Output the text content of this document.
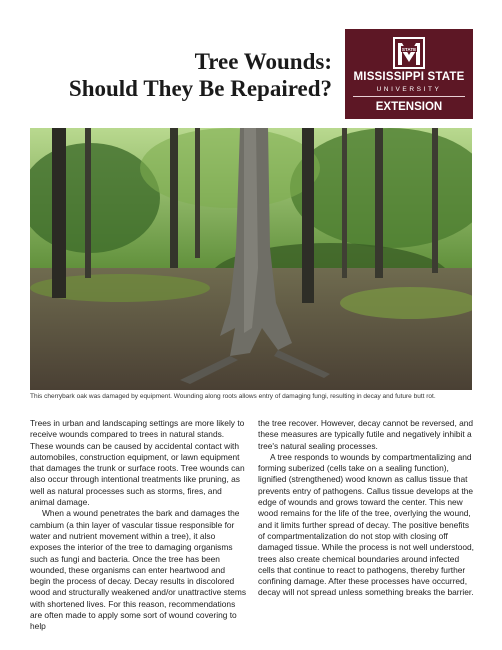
Tree Wounds:
Should They Be Repaired?
STATE
MISSISSIPPI STATE
UNIVERSITY
EXTENSION
This cherrybark oak was damaged by equipment. Wounding along roots allows entry of damaging fungi, resulting in decay and future butt rot.

Trees in urban and landscaping settings are more likely to receive wounds compared to trees in natural stands. These wounds can be caused by accidental contact with automobiles, construction equipment, or lawn equipment that damages the trunk or surface roots. Tree wounds can also occur through intentional treatments like pruning, as well as natural processes such as storms, fires, and animal damage.

When a wound penetrates the bark and damages the cambium (a thin layer of vascular tissue responsible for water and nutrient movement within a tree), it also exposes the interior of the tree to damaging organisms such as fungi and bacteria. Once the tree has been wounded, these organisms can enter heartwood and begin the process of decay. Decay results in discolored wood and structurally weakened and/or unattractive stems with shortened lives. For this reason, recommendations are often made to apply some sort of wound covering to help

the tree recover. However, decay cannot be reversed, and these measures are typically futile and negatively inhibit a tree's natural sealing processes.

A tree responds to wounds by compartmentalizing and forming suberized (cells take on a sealing function), lignified (strengthened) wood known as callus tissue that prevents entry of pathogens. Callus tissue develops at the edge of wounds and grows toward the center. This new wood remains for the life of the tree, overlying the wound, and it limits further spread of decay. The positive benefits of compartmentalization do not stop with closing off damaged tissue. While the process is not well understood, trees also create chemical boundaries around infected cells that continue to react to pathogens, thereby further confining damage. After these processes have occurred, decay will not spread unless something breaks the barrier.
